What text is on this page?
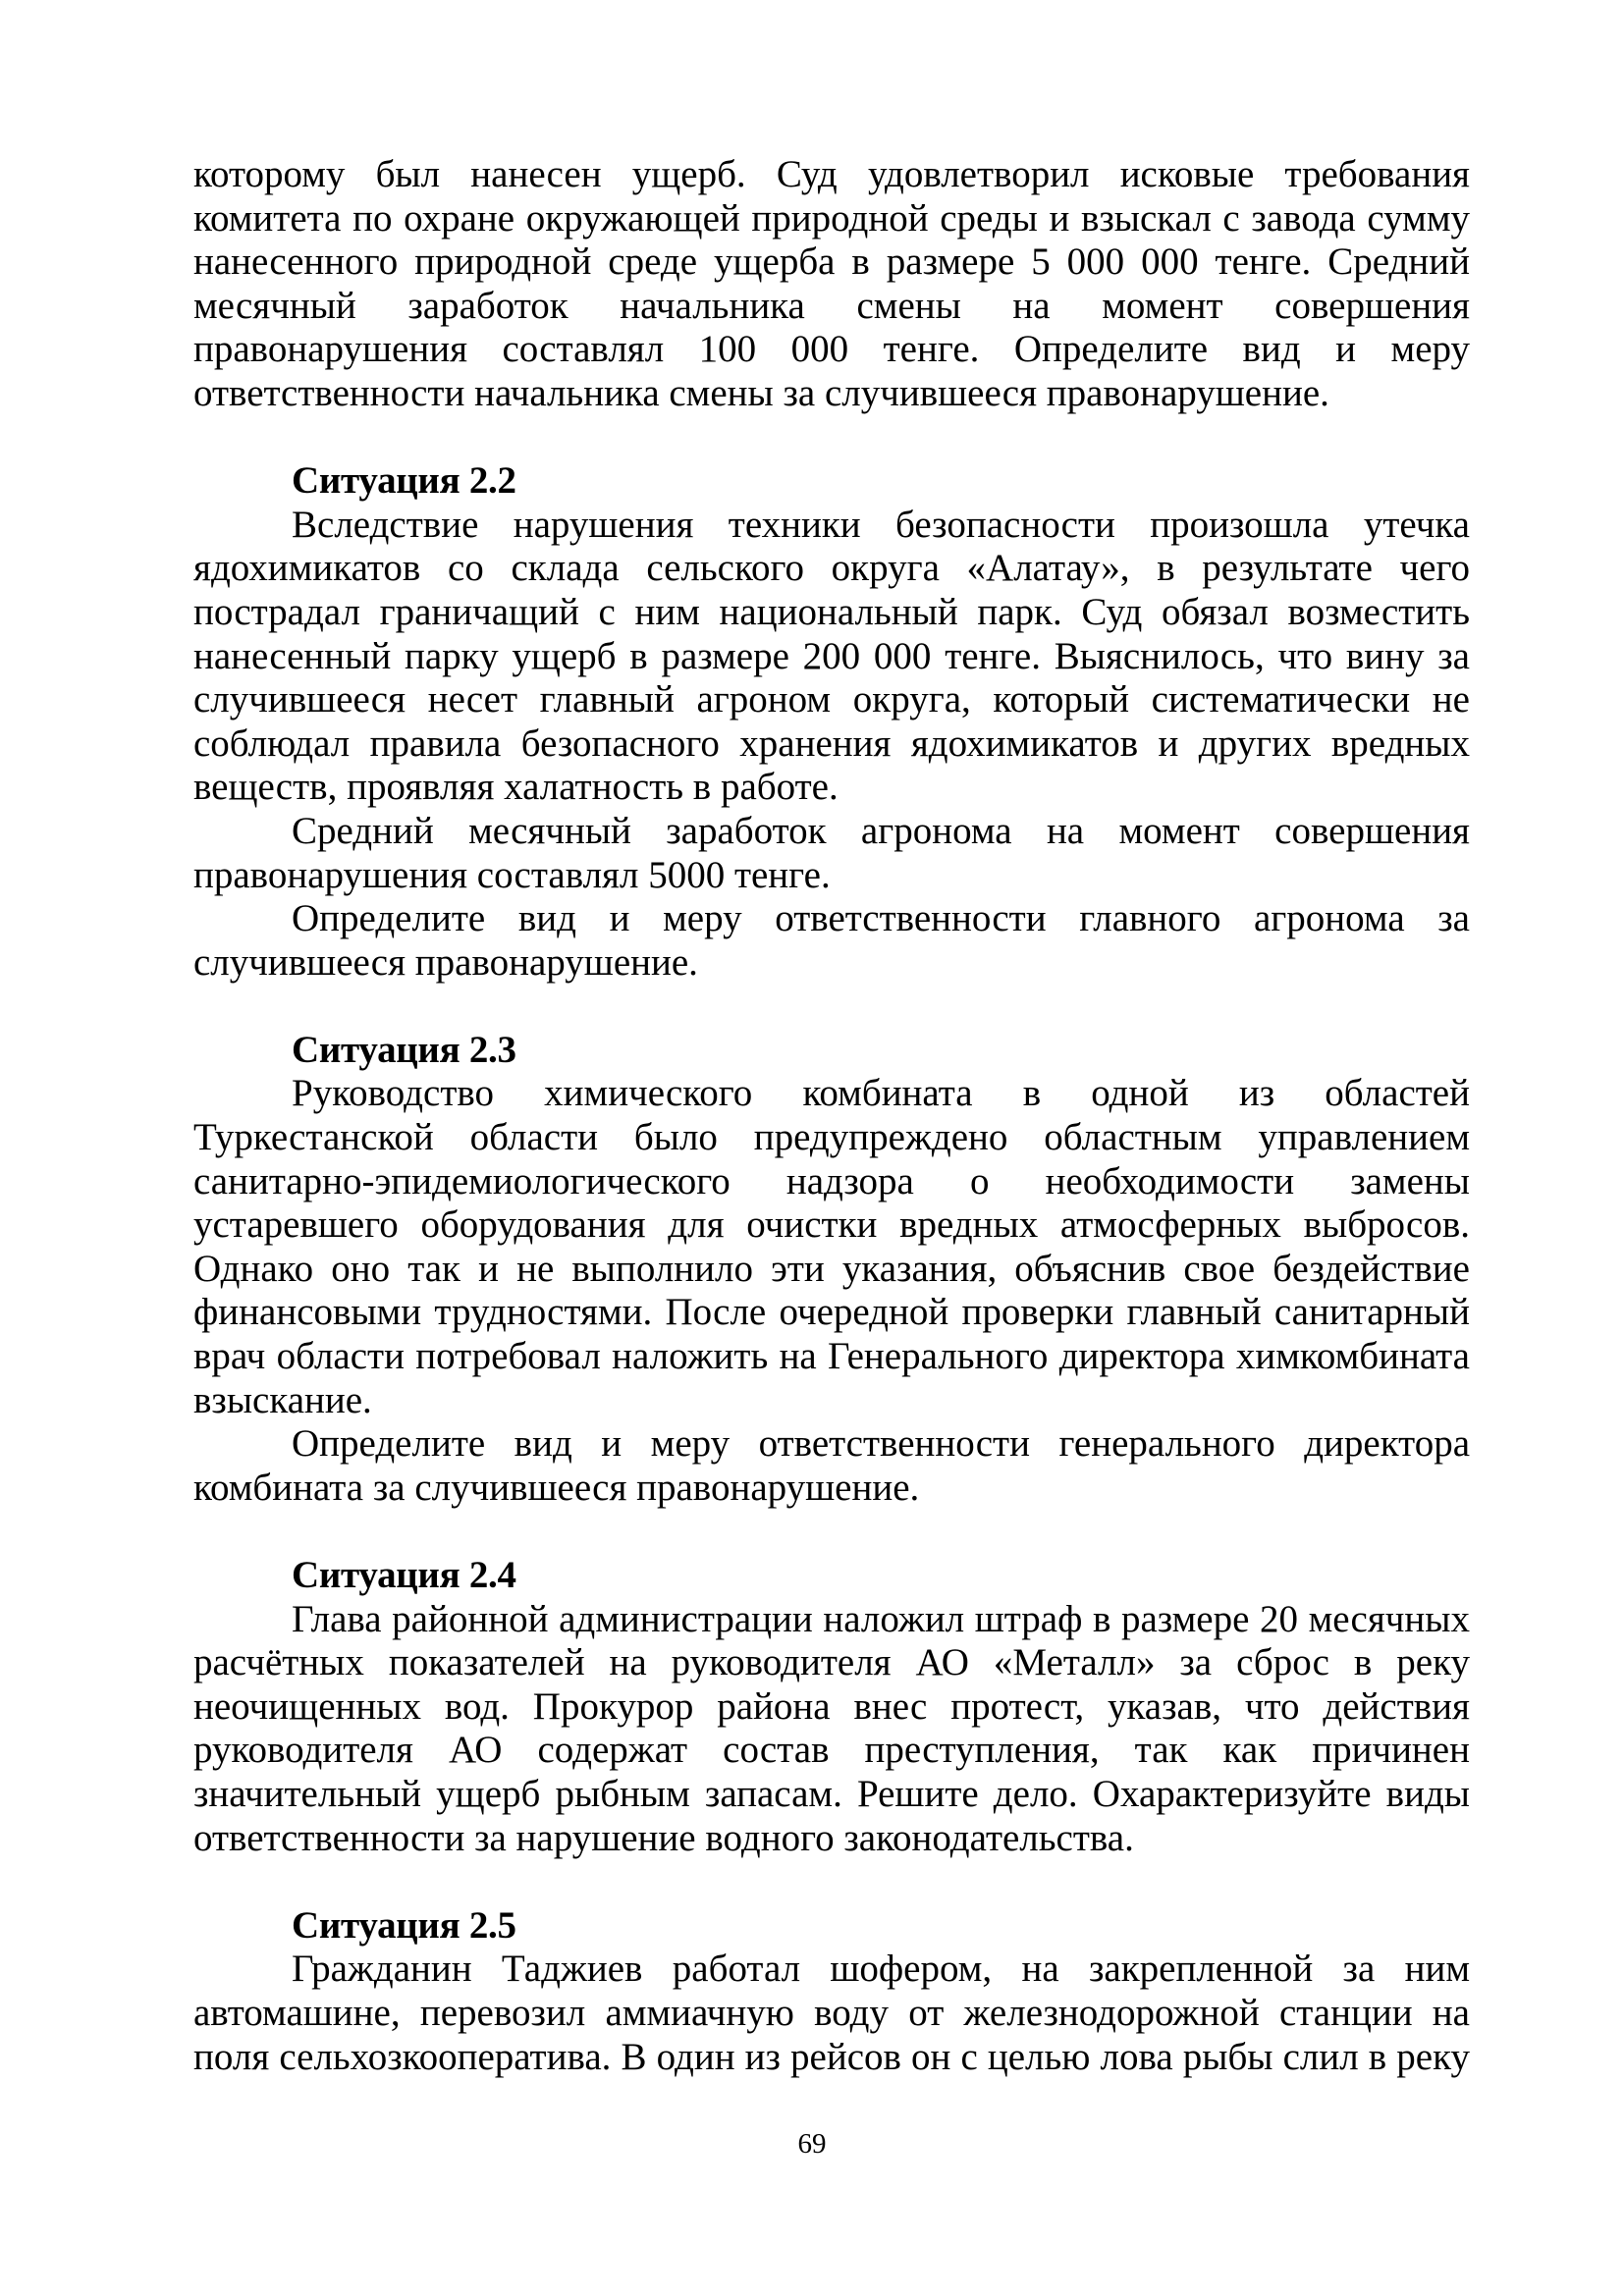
которому был нанесен ущерб. Суд удовлетворил исковые требования комитета по охране окружающей природной среды и взыскал с завода сумму нанесенного природной среде ущерба в размере 5 000 000 тенге. Средний месячный заработок начальника смены на момент совершения правонарушения составлял 100 000 тенге. Определите вид и меру ответственности начальника смены за случившееся правонарушение.

Ситуация 2.2

Вследствие нарушения техники безопасности произошла утечка ядохимикатов со склада сельского округа «Алатау», в результате чего пострадал граничащий с ним национальный парк. Суд обязал возместить нанесенный парку ущерб в размере 200 000 тенге. Выяснилось, что вину за случившееся несет главный агроном округа, который систематически не соблюдал правила безопасного хранения ядохимикатов и других вредных веществ, проявляя халатность в работе.

Средний месячный заработок агронома на момент совершения правонарушения составлял 5000 тенге.

Определите вид и меру ответственности главного агронома за случившееся правонарушение.

Ситуация 2.3

Руководство химического комбината в одной из областей Туркестанской области было предупреждено областным управлением санитарно-эпидемиологического надзора о необходимости замены устаревшего оборудования для очистки вредных атмосферных выбросов. Однако оно так и не выполнило эти указания, объяснив свое бездействие финансовыми трудностями. После очередной проверки главный санитарный врач области потребовал наложить на Генерального директора химкомбината взыскание.

Определите вид и меру ответственности генерального директора комбината за случившееся правонарушение.

Ситуация 2.4

Глава районной администрации наложил штраф в размере 20 месячных расчётных показателей на руководителя АО «Металл» за сброс в реку неочищенных вод. Прокурор района внес протест, указав, что действия руководителя АО содержат состав преступления, так как причинен значительный ущерб рыбным запасам. Решите дело. Охарактеризуйте виды ответственности за нарушение водного законодательства.

Ситуация 2.5

Гражданин Таджиев работал шофером, на закрепленной за ним автомашине, перевозил аммиачную воду от железнодорожной станции на поля сельхозкооператива. В один из рейсов он с целью лова рыбы слил в реку

69
